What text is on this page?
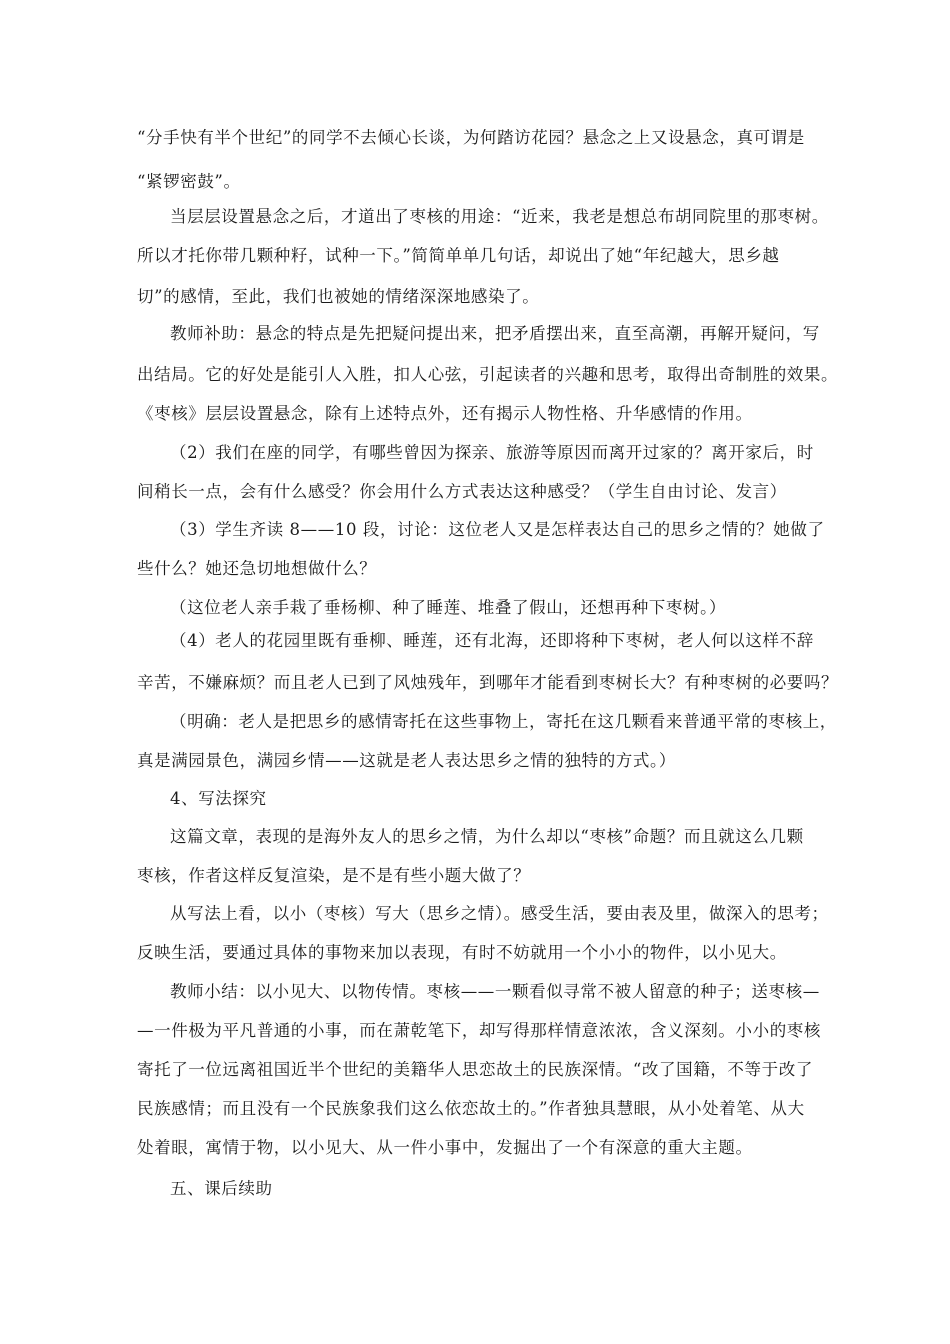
“分手快有半个世纪”的同学不去倾心长谈，为何踏访花园？悬念之上又设悬念，真可谓是
“紧锣密鼓”。
当层层设置悬念之后，才道出了枣核的用途：“近来，我老是想总布胡同院里的那枣树。
所以才托你带几颗种籽，试种一下。”简简单单几句话，却说出了她“年纪越大，思乡越
切”的感情，至此，我们也被她的情绪深深地感染了。
教师补助：悬念的特点是先把疑问提出来，把矛盾摆出来，直至高潮，再解开疑问，写
出结局。它的好处是能引人入胜，扣人心弦，引起读者的兴趣和思考，取得出奇制胜的效果。
《枣核》层层设置悬念，除有上述特点外，还有揭示人物性格、升华感情的作用。
（2）我们在座的同学，有哪些曾因为探亲、旅游等原因而离开过家的？离开家后，时
间稍长一点，会有什么感受？你会用什么方式表达这种感受？（学生自由讨论、发言）
（3）学生齐读 8——10 段，讨论：这位老人又是怎样表达自己的思乡之情的？她做了
些什么？她还急切地想做什么？
（这位老人亲手栽了垂杨柳、种了睡莲、堆叠了假山，还想再种下枣树。）
（4）老人的花园里既有垂柳、睡莲，还有北海，还即将种下枣树，老人何以这样不辞
辛苦，不嫌麻烦？而且老人已到了风烛残年，到哪年才能看到枣树长大？有种枣树的必要吗？
（明确：老人是把思乡的感情寄托在这些事物上，寄托在这几颗看来普通平常的枣核上，
真是满园景色，满园乡情——这就是老人表达思乡之情的独特的方式。）
4、写法探究
这篇文章，表现的是海外友人的思乡之情，为什么却以“枣核”命题？而且就这么几颗
枣核，作者这样反复渲染，是不是有些小题大做了？
从写法上看，以小（枣核）写大（思乡之情）。感受生活，要由表及里，做深入的思考；
反映生活，要通过具体的事物来加以表现，有时不妨就用一个小小的物件，以小见大。
教师小结：以小见大、以物传情。枣核——一颗看似寻常不被人留意的种子；送枣核—
—一件极为平凡普通的小事，而在萧乾笔下，却写得那样情意浓浓，含义深刻。小小的枣核
寄托了一位远离祖国近半个世纪的美籍华人思恋故土的民族深情。“改了国籍，不等于改了
民族感情；而且没有一个民族象我们这么依恋故土的。”作者独具慧眼，从小处着笔、从大
处着眼，寓情于物，以小见大、从一件小事中，发掘出了一个有深意的重大主题。
五、课后续助
